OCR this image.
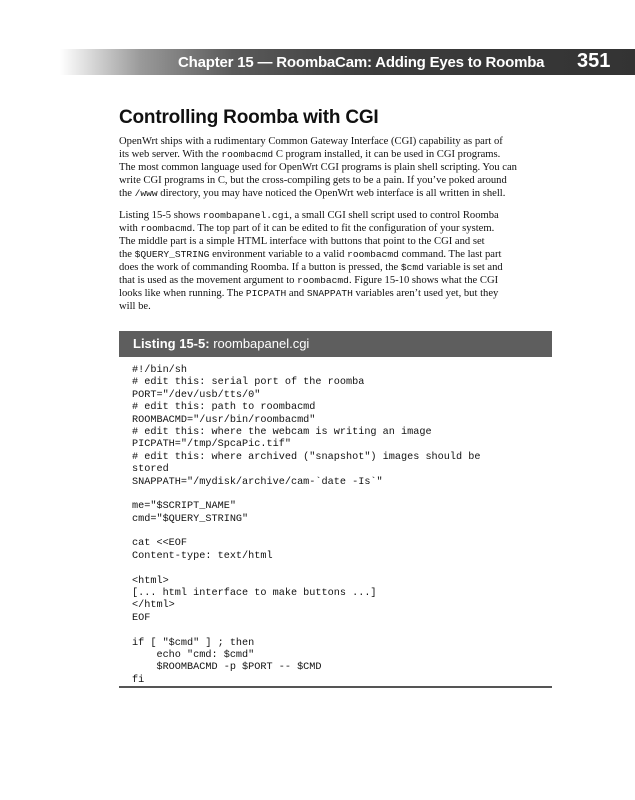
Chapter 15 — RoombaCam: Adding Eyes to Roomba 351
Controlling Roomba with CGI

OpenWrt ships with a rudimentary Common Gateway Interface (CGI) capability as part of
its web server. With the roombacmd C program installed, it can be used in CGI programs.
The most common language used for OpenWrt CGI programs is plain shell scripting. You can
write CGI programs in C, but the cross-compiling gets to be a pain. If you’ve poked around
the /www directory, you may have noticed the OpenWrt web interface is all written in shell.

Listing 15-5 shows roombapanel.cgi, a small CGI shell script used to control Roomba
with roombacmd. The top part of it can be edited to fit the configuration of your system.
The middle part is a simple HTML interface with buttons that point to the CGI and set
the $QUERY_STRING environment variable to a valid roombacmd command. The last part
does the work of commanding Roomba. If a button is pressed, the $cmd variable is set and
that is used as the movement argument to roombacmd. Figure 15-10 shows what the CGI
looks like when running. The PICPATH and SNAPPATH variables aren’t used yet, but they
will be.

Listing 15-5: roombapanel.cgi
#!/bin/sh
# edit this: serial port of the roomba
PORT="/dev/usb/tts/0"
# edit this: path to roombacmd
ROOMBACMD="/usr/bin/roombacmd"
# edit this: where the webcam is writing an image
PICPATH="/tmp/SpcaPic.tif"
# edit this: where archived ("snapshot") images should be
stored
SNAPPATH="/mydisk/archive/cam-`date -Is`"
me="$SCRIPT_NAME"
cmd="$QUERY_STRING"
cat <<EOF
Content-type: text/html
<html>
[... html interface to make buttons ...]
</html>
EOF
if [ "$cmd" ] ; then
echo "cmd: $cmd"
$ROOMBACMD -p $PORT -- $CMD
fi
